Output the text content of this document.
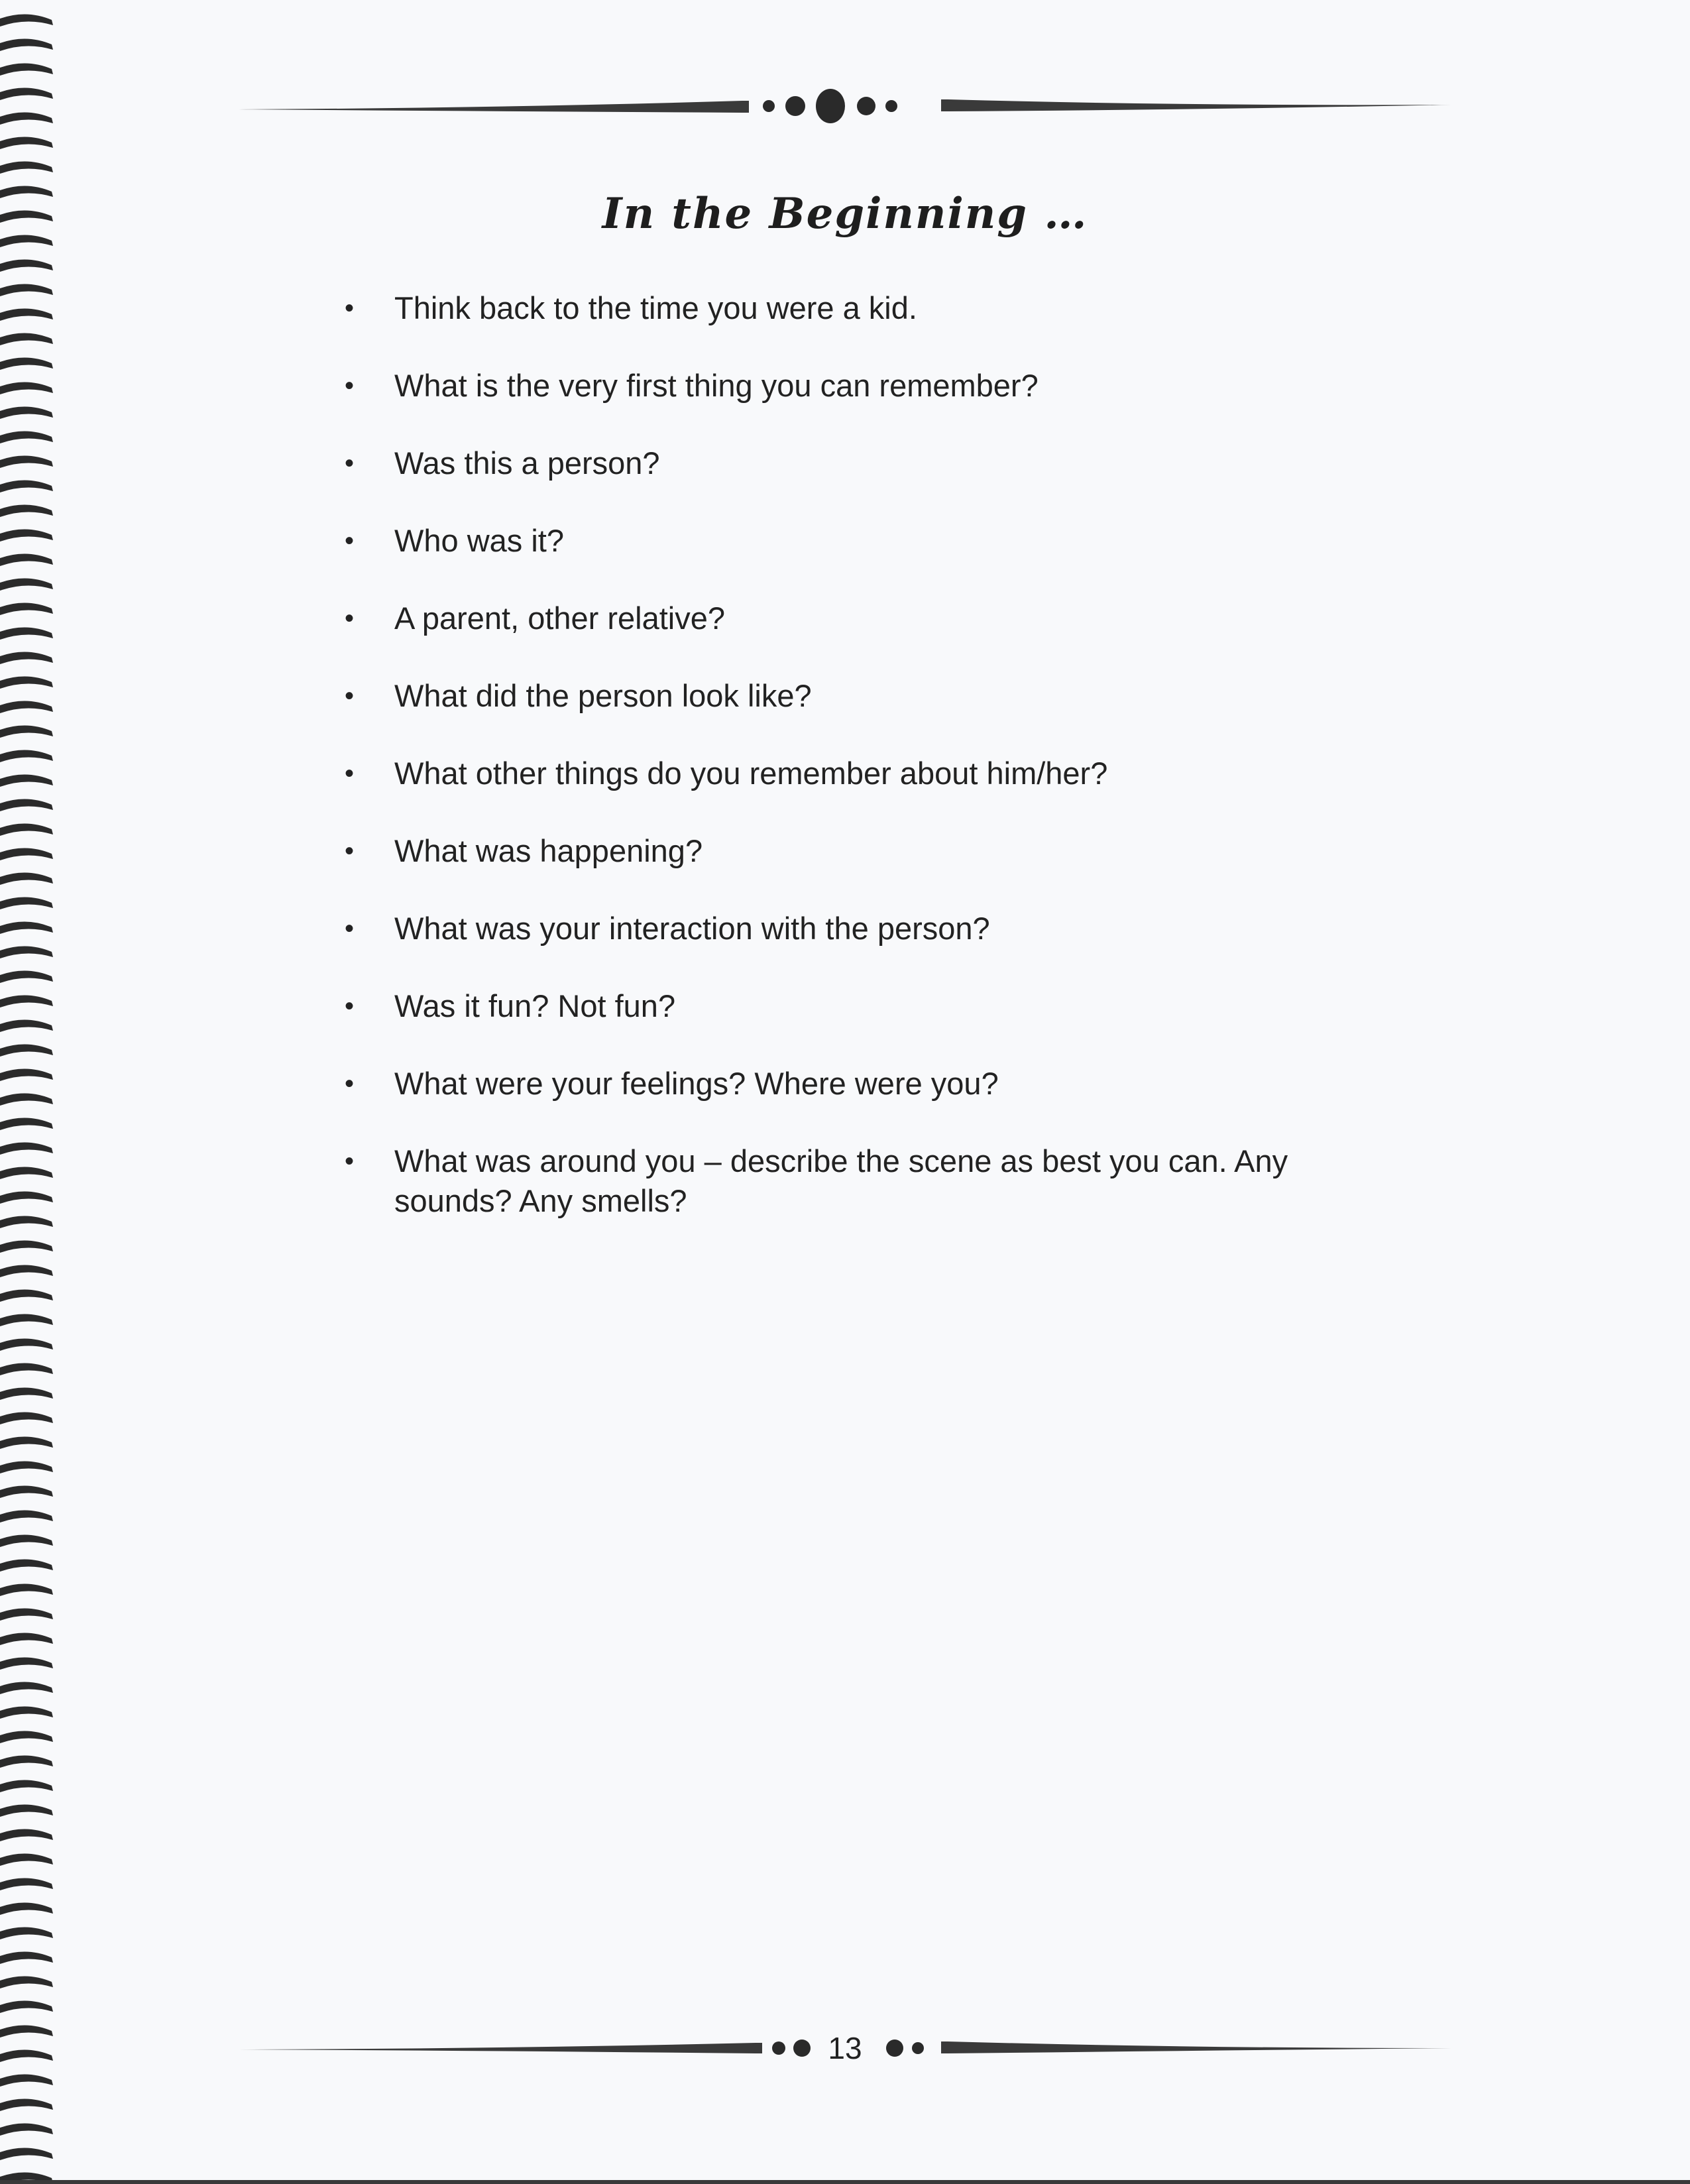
In the Beginning …
• Think back to the time you were a kid.
• What is the very first thing you can remember?
• Was this a person?
• Who was it?
• A parent, other relative?
• What did the person look like?
• What other things do you remember about him/her?
• What was happening?
• What was your interaction with the person?
• Was it fun? Not fun?
• What were your feelings? Where were you?
• What was around you – describe the scene as best you can. Any sounds? Any smells?
13
